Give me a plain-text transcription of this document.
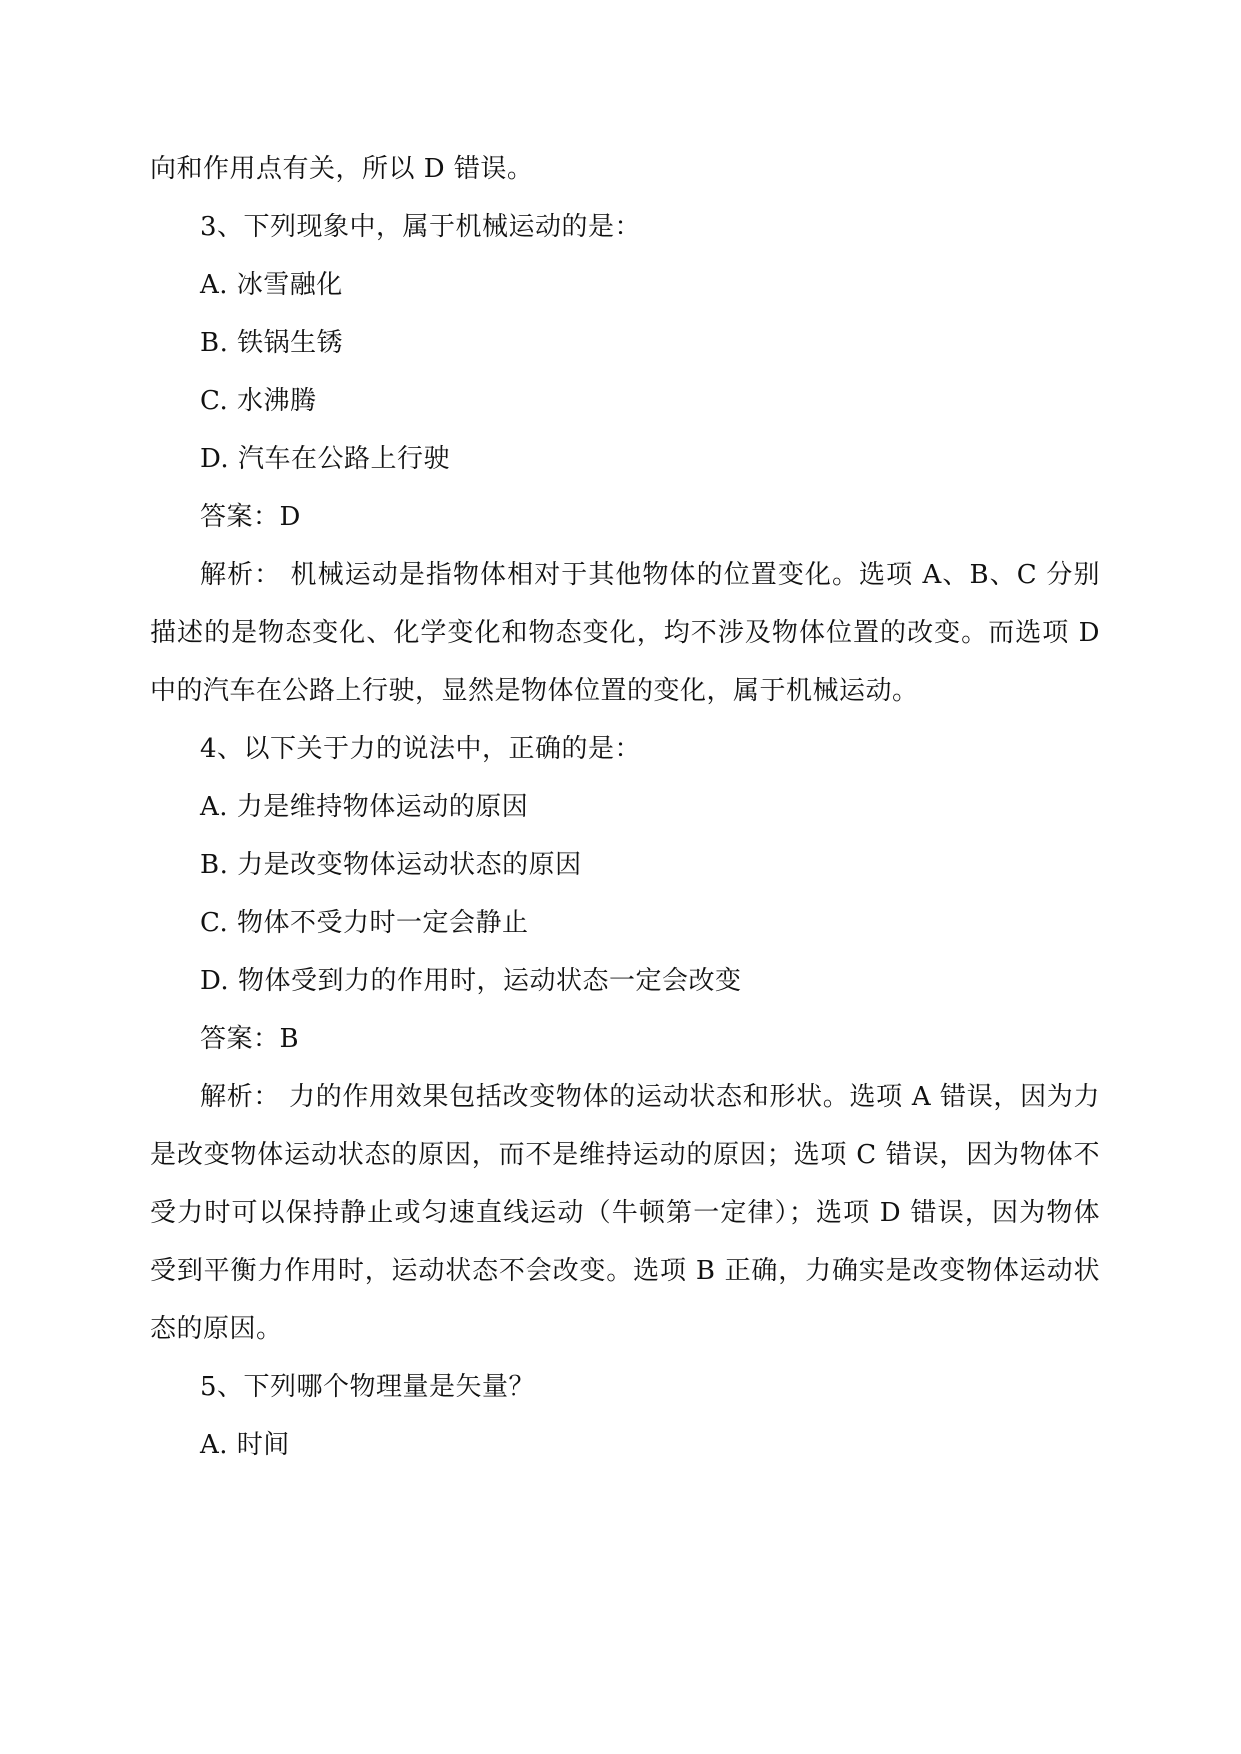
向和作用点有关，所以 D 错误。
3、下列现象中，属于机械运动的是：
A. 冰雪融化
B. 铁锅生锈
C. 水沸腾
D. 汽车在公路上行驶
答案：D

解析： 机械运动是指物体相对于其他物体的位置变化。选项 A、B、C 分别描述的是物态变化、化学变化和物态变化，均不涉及物体位置的改变。而选项 D 中的汽车在公路上行驶，显然是物体位置的变化，属于机械运动。

4、以下关于力的说法中，正确的是：
A. 力是维持物体运动的原因
B. 力是改变物体运动状态的原因
C. 物体不受力时一定会静止
D. 物体受到力的作用时，运动状态一定会改变
答案：B

解析： 力的作用效果包括改变物体的运动状态和形状。选项 A 错误，因为力是改变物体运动状态的原因，而不是维持运动的原因；选项 C 错误，因为物体不受力时可以保持静止或匀速直线运动（牛顿第一定律）；选项 D 错误，因为物体受到平衡力作用时，运动状态不会改变。选项 B 正确，力确实是改变物体运动状态的原因。

5、下列哪个物理量是矢量？
A. 时间
